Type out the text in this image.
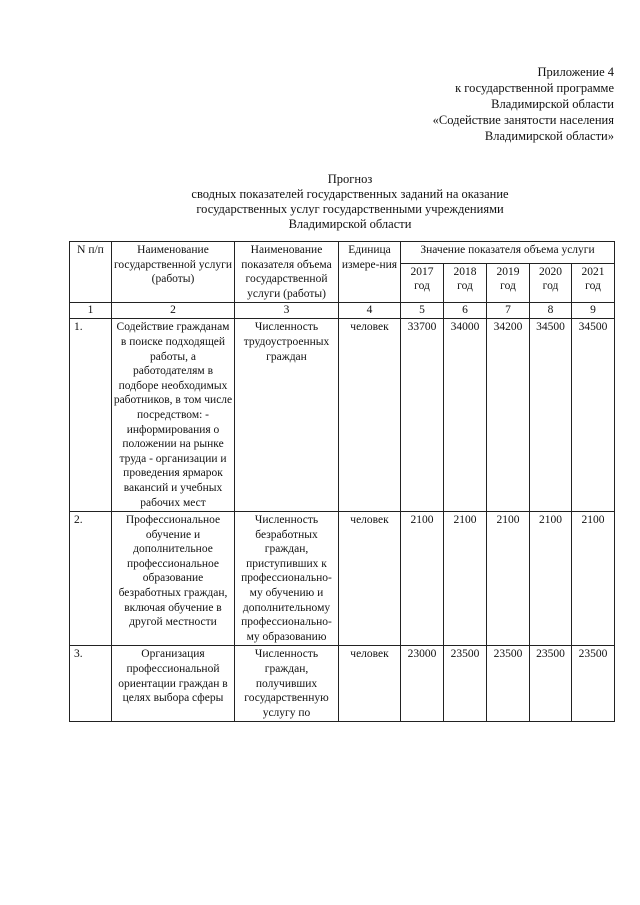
Приложение 4
к государственной программе
Владимирской области
«Содействие занятости населения
Владимирской области»
Прогноз
сводных показателей государственных заданий на оказание
государственных услуг государственными учреждениями
Владимирской области
N п/п	Наименование государственной услуги (работы)	Наименование показателя объема государственной услуги (работы)	Единица измере-ния	Значение показателя объема услуги				
				2017 год	2018 год	2019 год	2020 год	2021 год
1	2	3	4	5	6	7	8	9
1.	Содействие гражданам в поиске подходящей работы, а работодателям в подборе необходимых работников, в том числе посредством: - информирования о положении на рынке труда - организации и проведения ярмарок вакансий и учебных рабочих мест	Численность трудоустроенных граждан	человек	33700	34000	34200	34500	34500
2.	Профессиональное обучение и дополнительное профессиональное образование безработных граждан, включая обучение в другой местности	Численность безработных граждан, приступивших к профессионально-му обучению и дополнительному профессионально-му образованию	человек	2100	2100	2100	2100	2100
3.	Организация профессиональной ориентации граждан в целях выбора сферы	Численность граждан, получивших государственную услугу по	человек	23000	23500	23500	23500	23500
